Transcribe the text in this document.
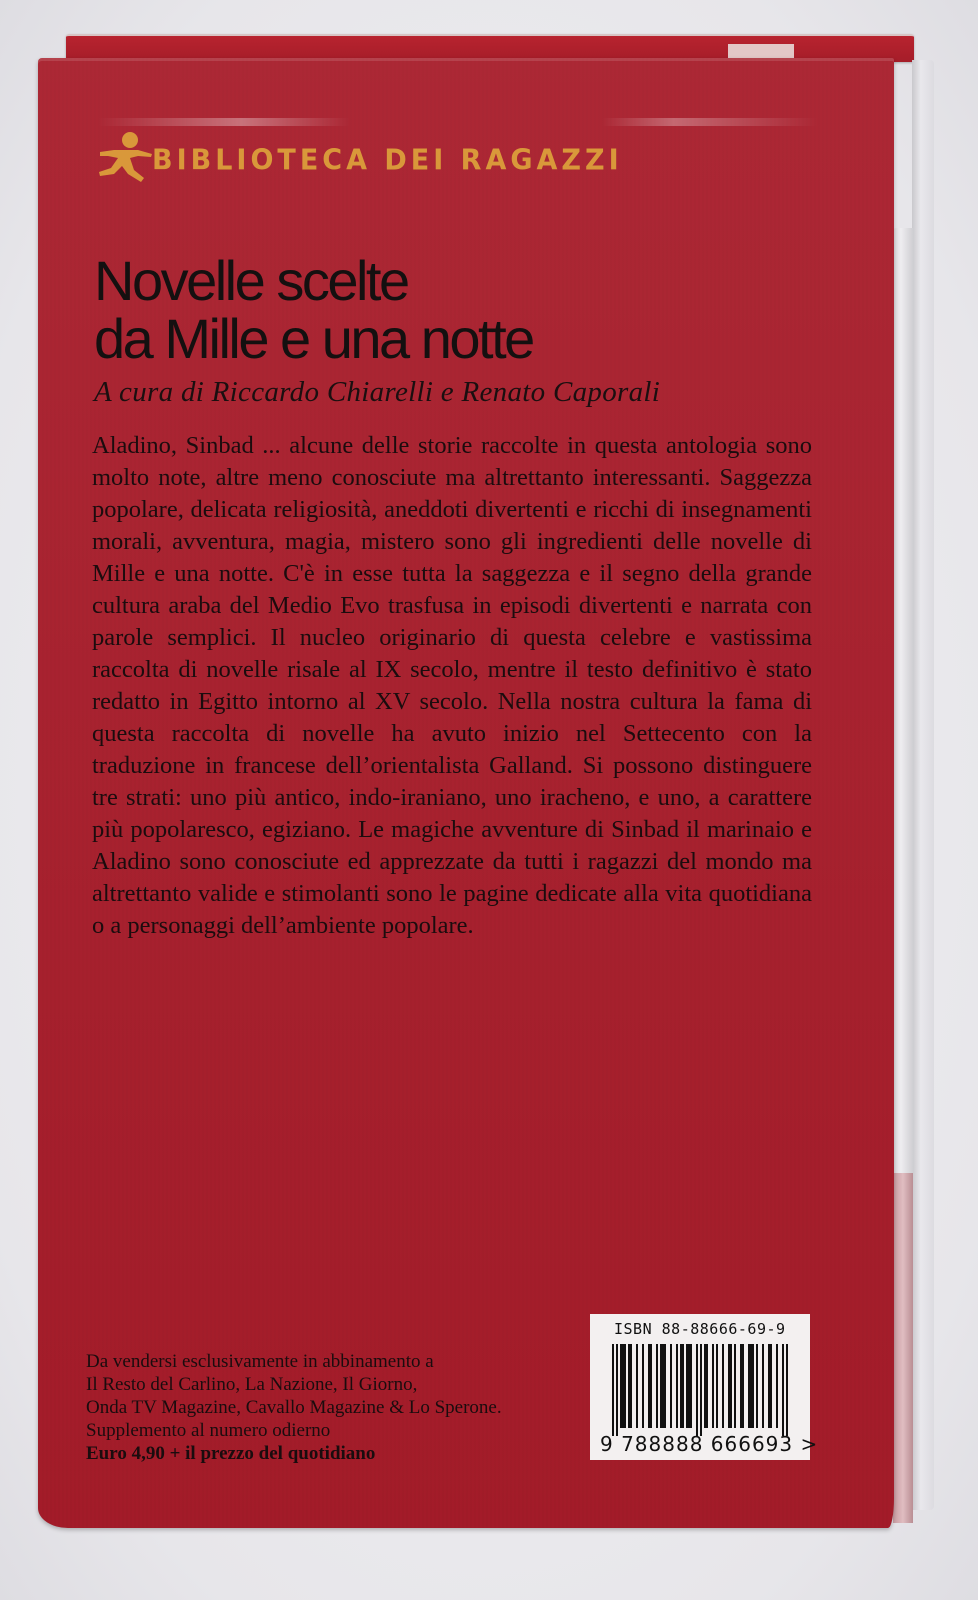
BIBLIOTECA DEI RAGAZZI
Novelle scelte
da Mille e una notte
A cura di Riccardo Chiarelli e Renato Caporali

Aladino, Sinbad ... alcune delle storie raccolte in questa antologia sono molto note, altre meno conosciute ma altrettanto interessanti. Saggezza popolare, delicata religiosità, aneddoti divertenti e ricchi di insegnamenti morali, avventura, magia, mistero sono gli ingredienti delle novelle di Mille e una notte. C'è in esse tutta la saggezza e il segno della grande cultura araba del Medio Evo trasfusa in episodi divertenti e narrata con parole semplici. Il nucleo originario di questa celebre e vastissima raccolta di novelle risale al IX secolo, mentre il testo definitivo è stato redatto in Egitto intorno al XV secolo. Nella nostra cultura la fama di questa raccolta di novelle ha avuto inizio nel Settecento con la traduzione in francese dell’orientalista Galland. Si possono distinguere tre strati: uno più antico, indo-iraniano, uno iracheno, e uno, a carattere più popolaresco, egiziano. Le magiche avventure di Sinbad il marinaio e Aladino sono conosciute ed apprezzate da tutti i ragazzi del mondo ma altrettanto valide e stimolanti sono le pagine dedicate alla vita quotidiana o a personaggi dell’ambiente popolare.

Da vendersi esclusivamente in abbinamento a
Il Resto del Carlino, La Nazione, Il Giorno,
Onda TV Magazine, Cavallo Magazine & Lo Sperone.
Supplemento al numero odierno
Euro 4,90 + il prezzo del quotidiano
ISBN 88-88666-69-9
9 788888 666693 >
